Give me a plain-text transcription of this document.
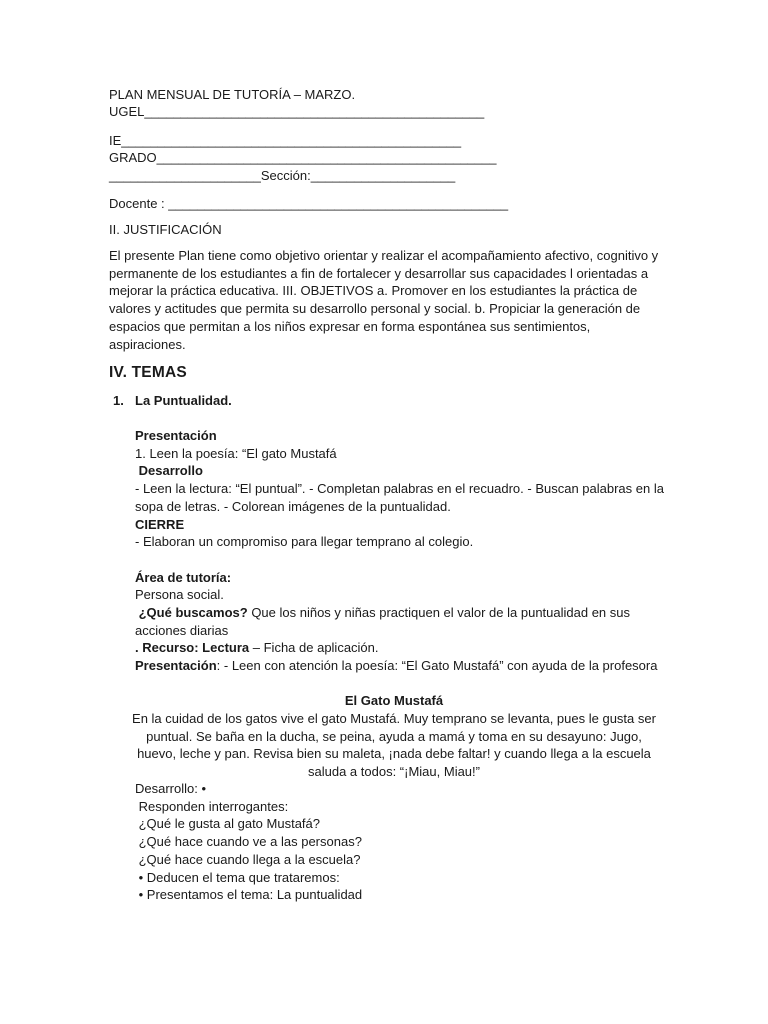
PLAN MENSUAL DE TUTORÍA – MARZO.
UGEL_______________________________________________
IE_______________________________________________
GRADO_______________________________________________
_____________________Sección:____________________
Docente : _______________________________________________
II. JUSTIFICACIÓN

El presente Plan tiene como objetivo orientar y realizar el acompañamiento afectivo, cognitivo y permanente de los estudiantes a fin de fortalecer y desarrollar sus capacidades l orientadas a mejorar la práctica educativa. III. OBJETIVOS a. Promover en los estudiantes la práctica de valores y actitudes que permita su desarrollo personal y social. b. Propiciar la generación de espacios que permitan a los niños expresar en forma espontánea sus sentimientos, aspiraciones.

IV. TEMAS
1. La Puntualidad.
Presentación
1. Leen la poesía: “El gato Mustafá
Desarrollo
- Leen la lectura: “El puntual”. - Completan palabras en el recuadro. - Buscan palabras en la sopa de letras. - Colorean imágenes de la puntualidad.
CIERRE
- Elaboran un compromiso para llegar temprano al colegio.
Área de tutoría:
Persona social.
¿Qué buscamos? Que los niños y niñas practiquen el valor de la puntualidad en sus acciones diarias
. Recurso: Lectura – Ficha de aplicación.
Presentación: - Leen con atención la poesía: “El Gato Mustafá” con ayuda de la profesora
El Gato Mustafá

En la cuidad de los gatos vive el gato Mustafá. Muy temprano se levanta, pues le gusta ser puntual. Se baña en la ducha, se peina, ayuda a mamá y toma en su desayuno: Jugo, huevo, leche y pan. Revisa bien su maleta, ¡nada debe faltar! y cuando llega a la escuela saluda a todos: “¡Miau, Miau!”

Desarrollo: •
Responden interrogantes:
¿Qué le gusta al gato Mustafá?
¿Qué hace cuando ve a las personas?
¿Qué hace cuando llega a la escuela?
• Deducen el tema que trataremos:
• Presentamos el tema: La puntualidad
